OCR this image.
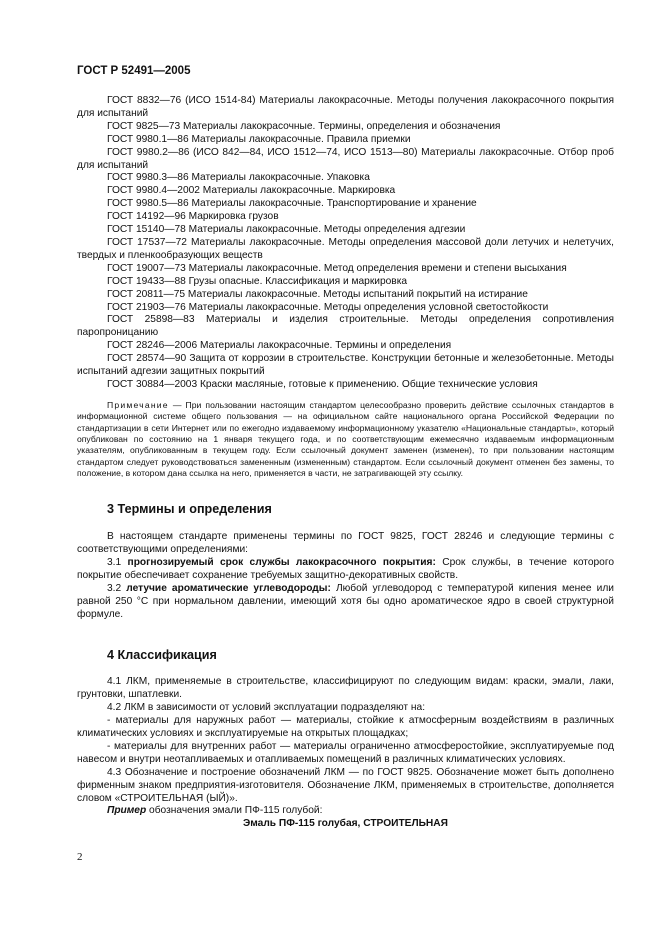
ГОСТ Р 52491—2005

ГОСТ 8832—76 (ИСО 1514-84) Материалы лакокрасочные. Методы получения лакокрасочного покрытия для испытаний

ГОСТ 9825—73 Материалы лакокрасочные. Термины, определения и обозначения

ГОСТ 9980.1—86 Материалы лакокрасочные. Правила приемки

ГОСТ 9980.2—86 (ИСО 842—84, ИСО 1512—74, ИСО 1513—80) Материалы лакокрасочные. Отбор проб для испытаний

ГОСТ 9980.3—86 Материалы лакокрасочные. Упаковка

ГОСТ 9980.4—2002 Материалы лакокрасочные. Маркировка

ГОСТ 9980.5—86 Материалы лакокрасочные. Транспортирование и хранение

ГОСТ 14192—96 Маркировка грузов

ГОСТ 15140—78 Материалы лакокрасочные. Методы определения адгезии

ГОСТ 17537—72 Материалы лакокрасочные. Методы определения массовой доли летучих и нелетучих, твердых и пленкообразующих веществ

ГОСТ 19007—73 Материалы лакокрасочные. Метод определения времени и степени высыхания

ГОСТ 19433—88 Грузы опасные. Классификация и маркировка

ГОСТ 20811—75 Материалы лакокрасочные. Методы испытаний покрытий на истирание

ГОСТ 21903—76 Материалы лакокрасочные. Методы определения условной светостойкости

ГОСТ 25898—83 Материалы и изделия строительные. Методы определения сопротивления паропроницанию

ГОСТ 28246—2006 Материалы лакокрасочные. Термины и определения

ГОСТ 28574—90 Защита от коррозии в строительстве. Конструкции бетонные и железобетонные. Методы испытаний адгезии защитных покрытий

ГОСТ 30884—2003 Краски масляные, готовые к применению. Общие технические условия

Примечание — При пользовании настоящим стандартом целесообразно проверить действие ссылочных стандартов в информационной системе общего пользования — на официальном сайте национального органа Российской Федерации по стандартизации в сети Интернет или по ежегодно издаваемому информационному указателю «Национальные стандарты», который опубликован по состоянию на 1 января текущего года, и по соответствующим ежемесячно издаваемым информационным указателям, опубликованным в текущем году. Если ссылочный документ заменен (изменен), то при пользовании настоящим стандартом следует руководствоваться замененным (измененным) стандартом. Если ссылочный документ отменен без замены, то положение, в котором дана ссылка на него, применяется в части, не затрагивающей эту ссылку.

3 Термины и определения

В настоящем стандарте применены термины по ГОСТ 9825, ГОСТ 28246 и следующие термины с соответствующими определениями:

3.1 прогнозируемый срок службы лакокрасочного покрытия: Срок службы, в течение которого покрытие обеспечивает сохранение требуемых защитно-декоративных свойств.

3.2 летучие ароматические углеводороды: Любой углеводород с температурой кипения менее или равной 250 °С при нормальном давлении, имеющий хотя бы одно ароматическое ядро в своей структурной формуле.

4 Классификация

4.1 ЛКМ, применяемые в строительстве, классифицируют по следующим видам: краски, эмали, лаки, грунтовки, шпатлевки.

4.2 ЛКМ в зависимости от условий эксплуатации подразделяют на:

- материалы для наружных работ — материалы, стойкие к атмосферным воздействиям в различных климатических условиях и эксплуатируемые на открытых площадках;

- материалы для внутренних работ — материалы ограниченно атмосферостойкие, эксплуатируемые под навесом и внутри неотапливаемых и отапливаемых помещений в различных климатических условиях.

4.3 Обозначение и построение обозначений ЛКМ — по ГОСТ 9825. Обозначение может быть дополнено фирменным знаком предприятия-изготовителя. Обозначение ЛКМ, применяемых в строительстве, дополняется словом «СТРОИТЕЛЬНАЯ (ЫЙ)».

Пример обозначения эмали ПФ-115 голубой:

Эмаль ПФ-115 голубая, СТРОИТЕЛЬНАЯ

2
